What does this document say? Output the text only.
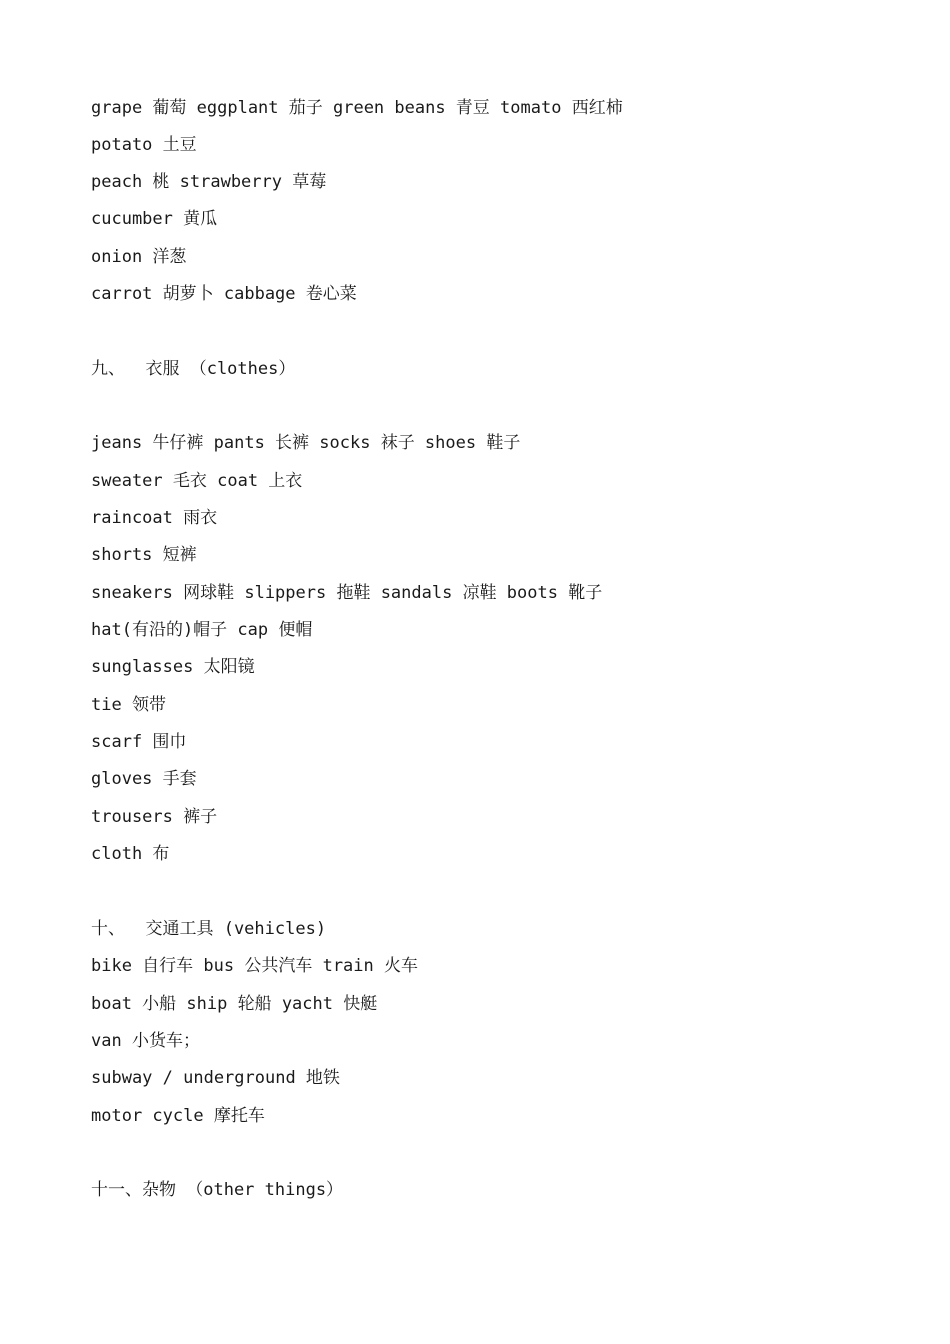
grape 葡萄 eggplant 茄子 green beans 青豆 tomato 西红柿
potato 土豆
peach 桃 strawberry 草莓
cucumber 黄瓜
onion 洋葱
carrot 胡萝卜 cabbage 卷心菜
九、  衣服 （clothes）
jeans 牛仔裤 pants 长裤 socks 袜子 shoes 鞋子
sweater 毛衣 coat 上衣
raincoat 雨衣
shorts 短裤
sneakers 网球鞋 slippers 拖鞋 sandals 凉鞋 boots 靴子
hat(有沿的)帽子 cap 便帽
sunglasses 太阳镜
tie 领带
scarf 围巾
gloves 手套
trousers 裤子
cloth 布
十、  交通工具 (vehicles)
bike 自行车 bus 公共汽车 train 火车
boat 小船 ship 轮船 yacht 快艇
van 小货车；
subway / underground 地铁
motor cycle 摩托车
十一、杂物 （other things）
